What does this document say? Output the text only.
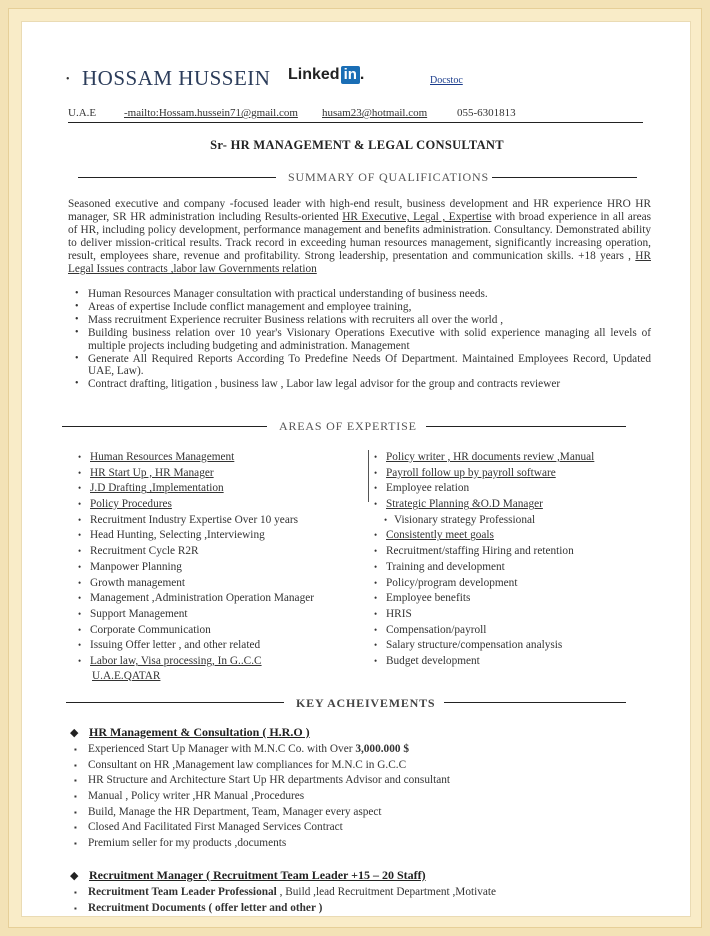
• HOSSAM HUSSEIN Linked in .	Docstoc
U.A.E	-mailto:Hossam.hussein71@gmail.com husam23@hotmail.com	055-6301813
Sr- HR MANAGEMENT & LEGAL CONSULTANT
SUMMARY OF QUALIFICATIONS
Seasoned executive and company -focused leader with high-end result, business development and HR experience HRO HR manager, SR HR administration including Results-oriented HR Executive, Legal , Expertise with broad experience in all areas of HR, including policy development, performance management and benefits administration. Consultancy. Demonstrated ability to deliver mission-critical results. Track record in exceeding human resources management, significantly increasing operation, result, employees share, revenue and profitability. Strong leadership, presentation and communication skills. +18 years , HR Legal Issues contracts ,labor law Governments relation
• Human Resources Manager consultation with practical understanding of business needs.
• Areas of expertise Include conflict management and employee training,
• Mass recruitment Experience recruiter Business relations with recruiters all over the world ,
• Building business relation over 10 year's Visionary Operations Executive with solid experience managing all levels of multiple projects including budgeting and administration. Management
• Generate All Required Reports According To Predefine Needs Of Department. Maintained Employees Record, Updated UAE, Law).
• Contract drafting, litigation , business law , Labor law legal advisor for the group and contracts reviewer
AREAS OF EXPERTISE
• Human Resources Management
• HR Start Up , HR Manager
• J.D Drafting ,Implementation
• Policy Procedures
• Recruitment Industry Expertise Over 10 years
• Head Hunting, Selecting ,Interviewing
• Recruitment Cycle R2R
• Manpower Planning
• Growth management
• Management ,Administration Operation Manager
• Support Management
• Corporate Communication
• Issuing Offer letter , and other related
• Labor law, Visa processing, In G..C.C
U.A.E.QATAR
• Policy writer , HR documents review ,Manual
• Payroll follow up by payroll software
• Employee relation
• Strategic Planning &O.D Manager
• Visionary strategy Professional
• Consistently meet goals
• Recruitment/staffing Hiring and retention
• Training and development
• Policy/program development
• Employee benefits
• HRIS
• Compensation/payroll
• Salary structure/compensation analysis
• Budget development
KEY ACHEIVEMENTS
◆ HR Management & Consultation ( H.R.O )
▪ Experienced Start Up Manager with M.N.C Co. with Over 3,000.000 $
▪ Consultant on HR ,Management law compliances for M.N.C in G.C.C
▪ HR Structure and Architecture Start Up HR departments Advisor and consultant
▪ Manual , Policy writer ,HR Manual ,Procedures
▪ Build, Manage the HR Department, Team, Manager every aspect
▪ Closed And Facilitated First Managed Services Contract
▪ Premium seller for my products ,documents
◆ Recruitment Manager ( Recruitment Team Leader +15 – 20 Staff)
▪ Recruitment Team Leader Professional , Build ,lead Recruitment Department ,Motivate
▪ Recruitment Documents ( offer letter and other )
